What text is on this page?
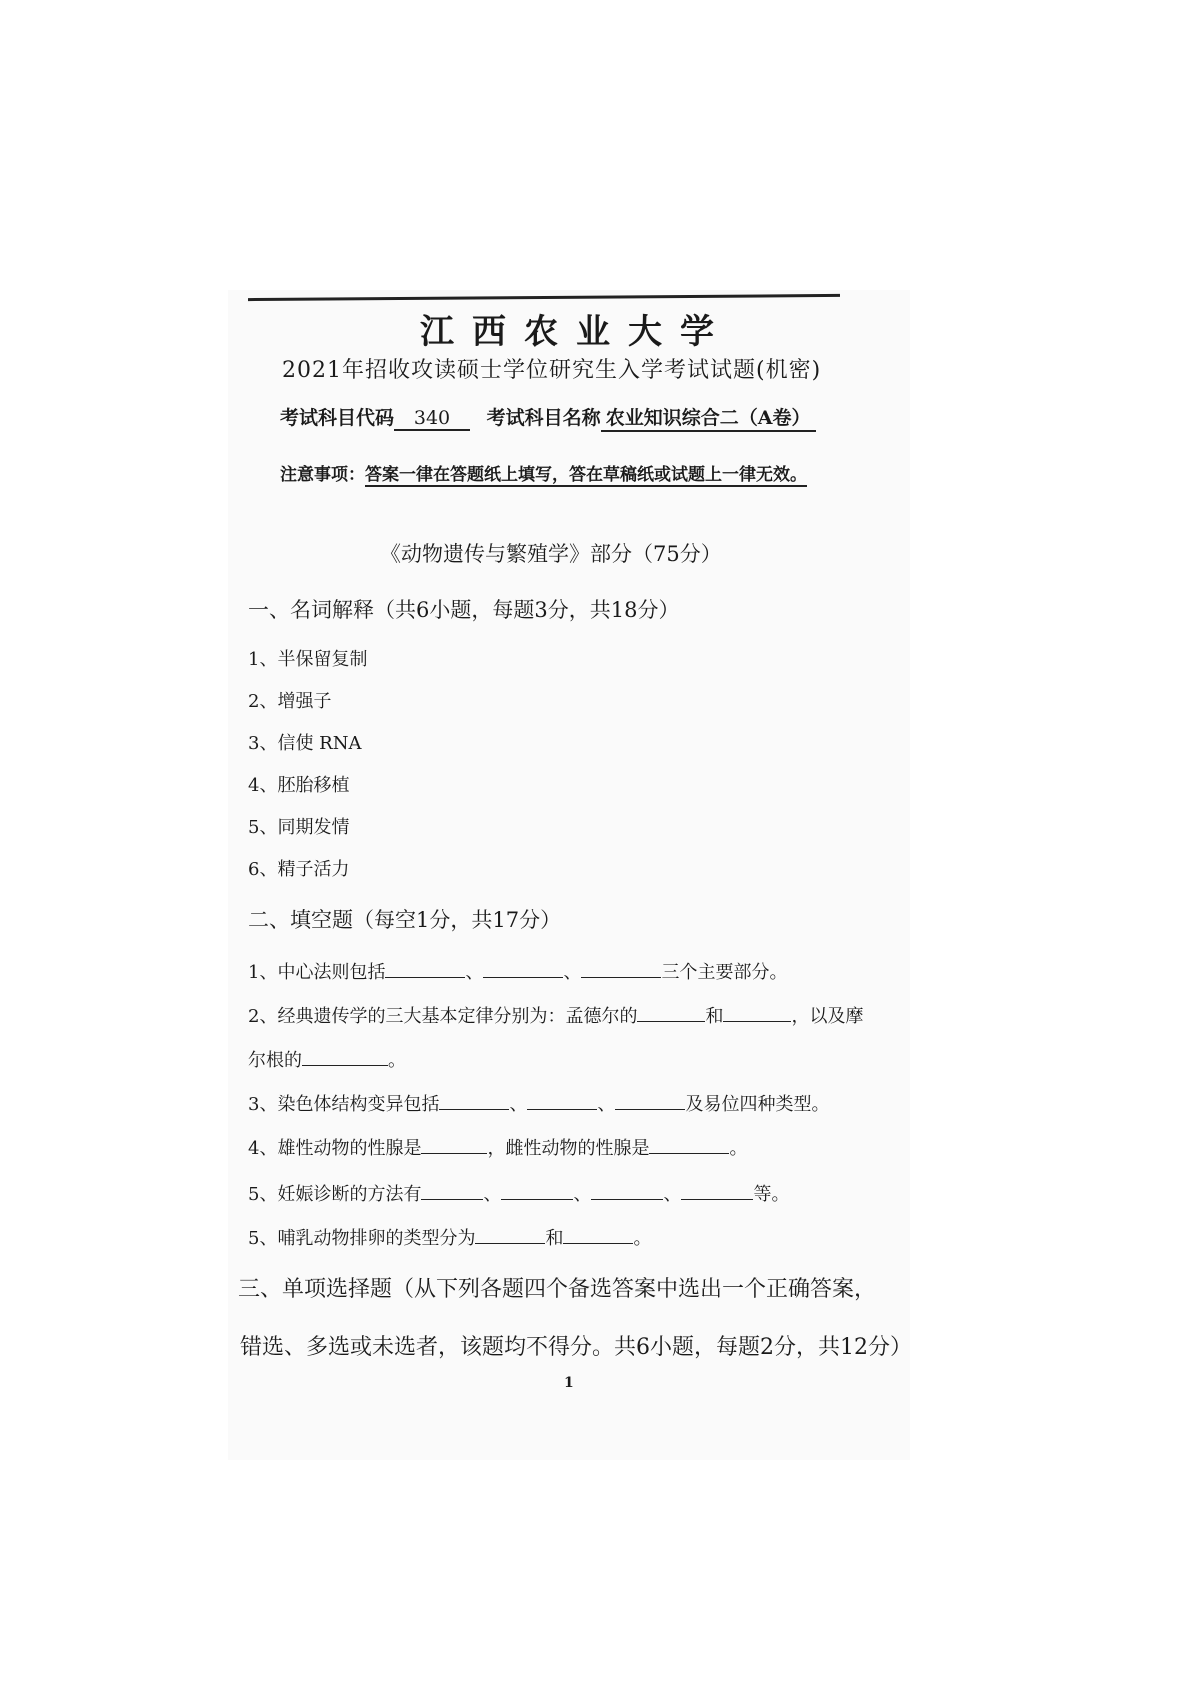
江西农业大学
2021年招收攻读硕士学位研究生入学考试试题(机密)
考试科目代码 340 考试科目名称 农业知识综合二（A卷）
注意事项：答案一律在答题纸上填写，答在草稿纸或试题上一律无效。
《动物遗传与繁殖学》部分（75分）
一、名词解释（共6小题，每题3分，共18分）
1、半保留复制
2、增强子
3、信使 RNA
4、胚胎移植
5、同期发情
6、精子活力
二、填空题（每空1分，共17分）
1、中心法则包括	、	、	三个主要部分。
2、经典遗传学的三大基本定律分别为：孟德尔的	和	，以及摩
尔根的	。
3、染色体结构变异包括	、	、	及易位四种类型。
4、雄性动物的性腺是	，雌性动物的性腺是	。
5、妊娠诊断的方法有	、	、	、	等。
5、哺乳动物排卵的类型分为	和	。
三、单项选择题（从下列各题四个备选答案中选出一个正确答案，
错选、多选或未选者，该题均不得分。共6小题，每题2分，共12分）
1
